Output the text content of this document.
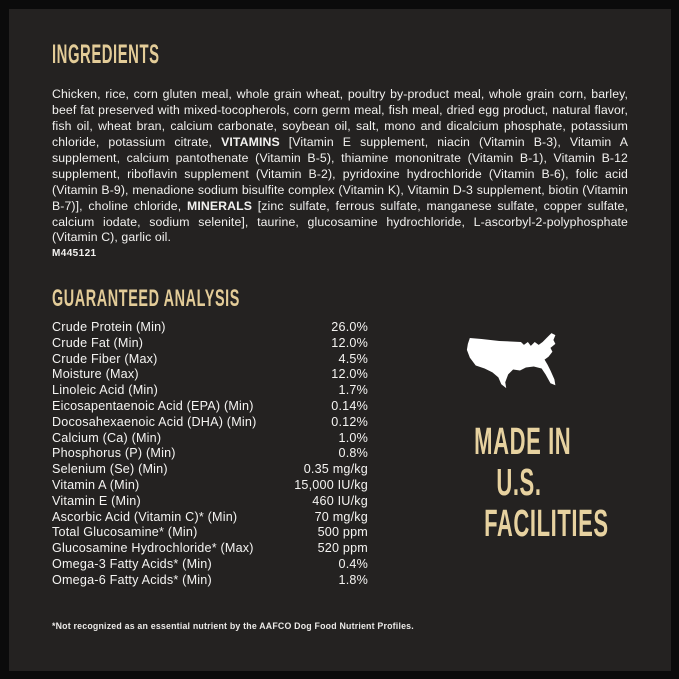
INGREDIENTS

Chicken, rice, corn gluten meal, whole grain wheat, poultry by-product meal, whole grain corn, barley, beef fat preserved with mixed-tocopherols, corn germ meal, fish meal, dried egg product, natural flavor, fish oil, wheat bran, calcium carbonate, soybean oil, salt, mono and dicalcium phosphate, potassium chloride, potassium citrate, VITAMINS [Vitamin E supplement, niacin (Vitamin B-3), Vitamin A supplement, calcium pantothenate (Vitamin B-5), thiamine mononitrate (Vitamin B-1), Vitamin B-12 supplement, riboflavin supplement (Vitamin B-2), pyridoxine hydrochloride (Vitamin B-6), folic acid (Vitamin B-9), menadione sodium bisulfite complex (Vitamin K), Vitamin D-3 supplement, biotin (Vitamin B-7)], choline chloride, MINERALS [zinc sulfate, ferrous sulfate, manganese sulfate, copper sulfate, calcium iodate, sodium selenite], taurine, glucosamine hydrochloride, L-ascorbyl-2-polyphosphate (Vitamin C), garlic oil.

M445121
GUARANTEED ANALYSIS
Crude Protein (Min)	26.0%
Crude Fat (Min)	12.0%
Crude Fiber (Max)	4.5%
Moisture (Max)	12.0%
Linoleic Acid (Min)	1.7%
Eicosapentaenoic Acid (EPA) (Min)	0.14%
Docosahexaenoic Acid (DHA) (Min)	0.12%
Calcium (Ca) (Min)	1.0%
Phosphorus (P) (Min)	0.8%
Selenium (Se) (Min)	0.35 mg/kg
Vitamin A (Min)	15,000 IU/kg
Vitamin E (Min)	460 IU/kg
Ascorbic Acid (Vitamin C)* (Min)	70 mg/kg
Total Glucosamine* (Min)	500 ppm
Glucosamine Hydrochloride* (Max)	520 ppm
Omega-3 Fatty Acids* (Min)	0.4%
Omega-6 Fatty Acids* (Min)	1.8%
*Not recognized as an essential nutrient by the AAFCO Dog Food Nutrient Profiles.
MADE IN
U.S.
FACILITIES
